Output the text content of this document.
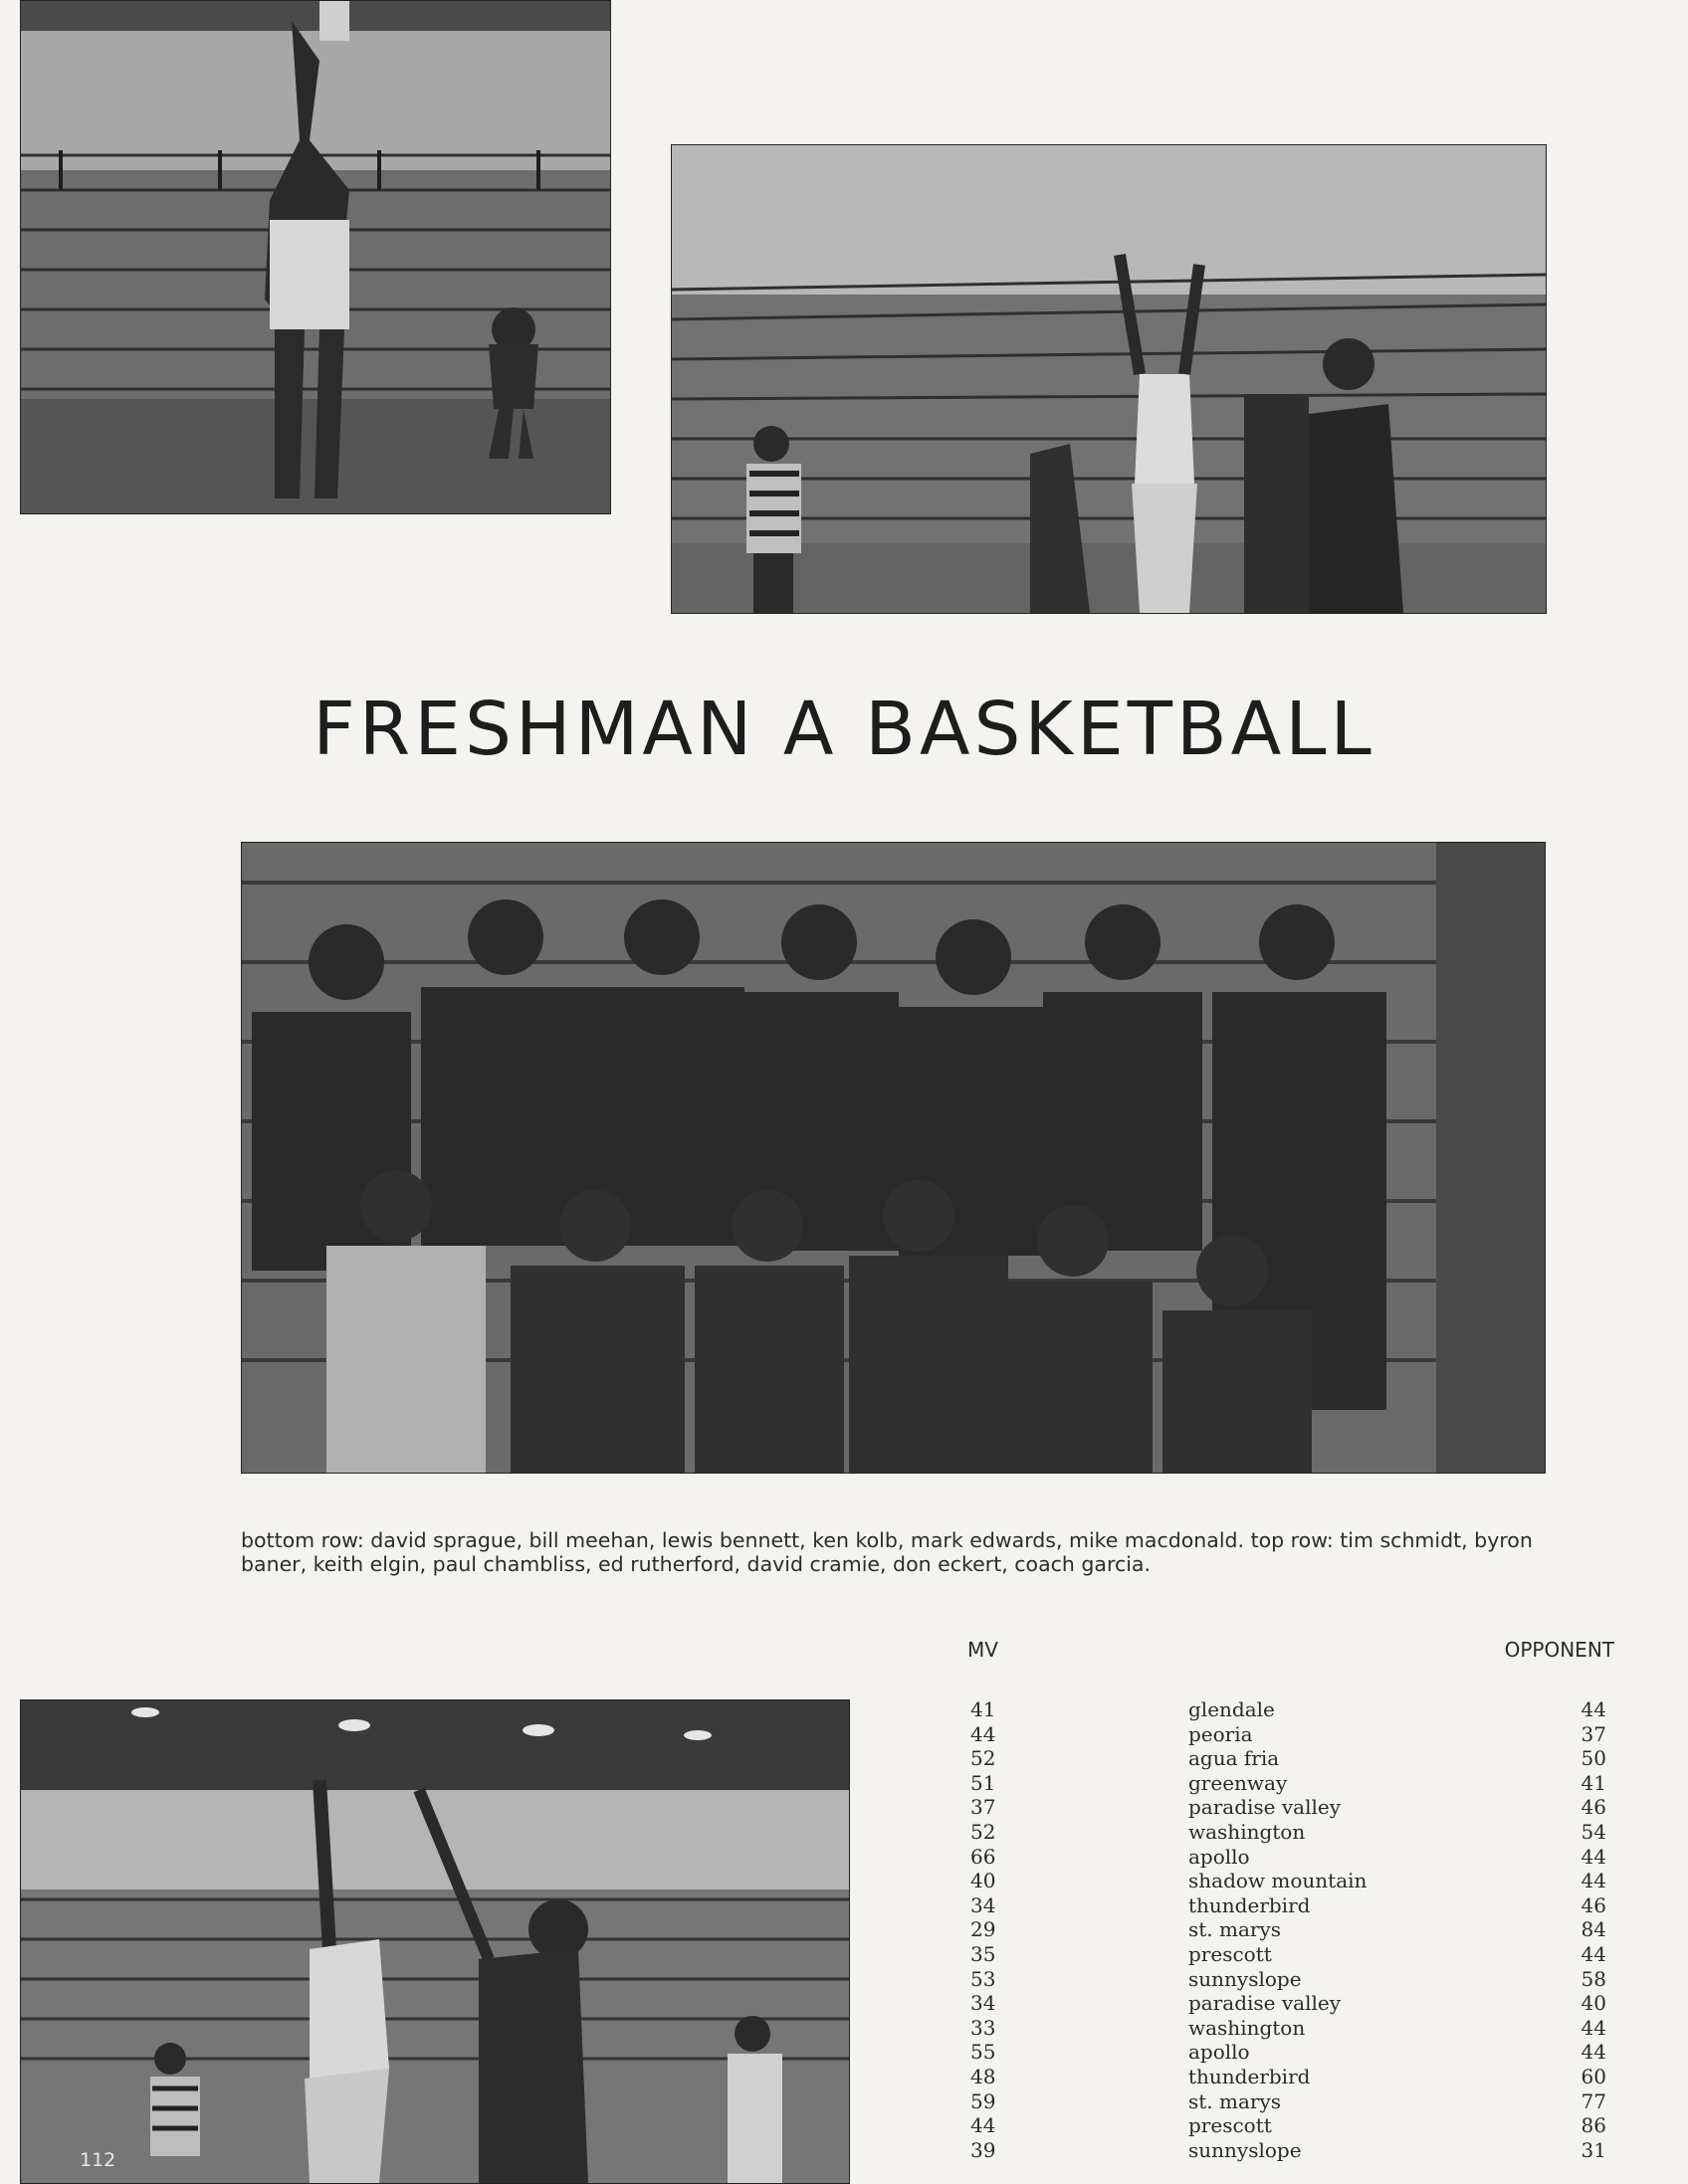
FRESHMAN A BASKETBALL

bottom row: david sprague, bill meehan, lewis bennett, ken kolb, mark edwards, mike macdonald. top row: tim schmidt, byron baner, keith elgin, paul chambliss, ed rutherford, david cramie, don eckert, coach garcia.

112
MV	OPPONENT
41	glendale	44
44	peoria	37
52	agua fria	50
51	greenway	41
37	paradise valley	46
52	washington	54
66	apollo	44
40	shadow mountain	44
34	thunderbird	46
29	st. marys	84
35	prescott	44
53	sunnyslope	58
34	paradise valley	40
33	washington	44
55	apollo	44
48	thunderbird	60
59	st. marys	77
44	prescott	86
39	sunnyslope	31
